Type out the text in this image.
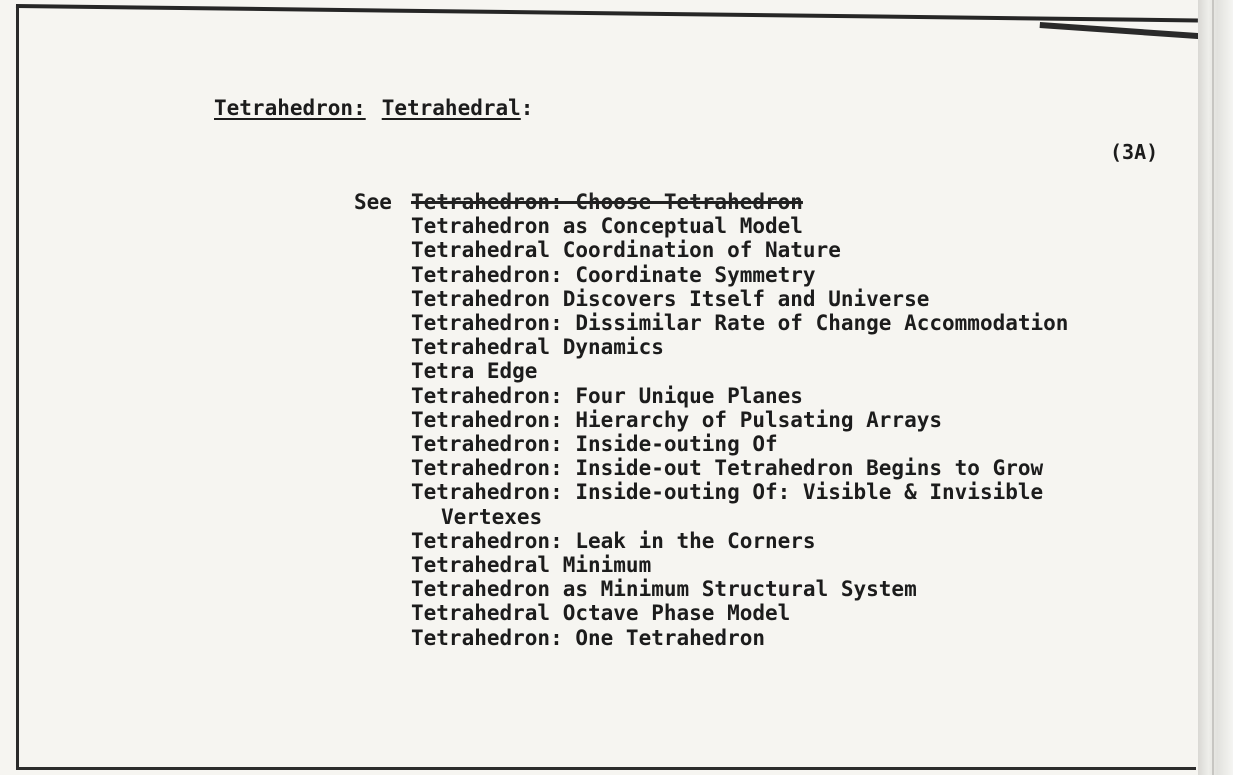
Tetrahedron: Tetrahedral:
(3A)
See Tetrahedron: Choose Tetrahedron
Tetrahedron as Conceptual Model
Tetrahedral Coordination of Nature
Tetrahedron: Coordinate Symmetry
Tetrahedron Discovers Itself and Universe
Tetrahedron: Dissimilar Rate of Change Accommodation
Tetrahedral Dynamics
Tetra Edge
Tetrahedron: Four Unique Planes
Tetrahedron: Hierarchy of Pulsating Arrays
Tetrahedron: Inside-outing Of
Tetrahedron: Inside-out Tetrahedron Begins to Grow
Tetrahedron: Inside-outing Of: Visible & Invisible
Vertexes
Tetrahedron: Leak in the Corners
Tetrahedral Minimum
Tetrahedron as Minimum Structural System
Tetrahedral Octave Phase Model
Tetrahedron: One Tetrahedron
